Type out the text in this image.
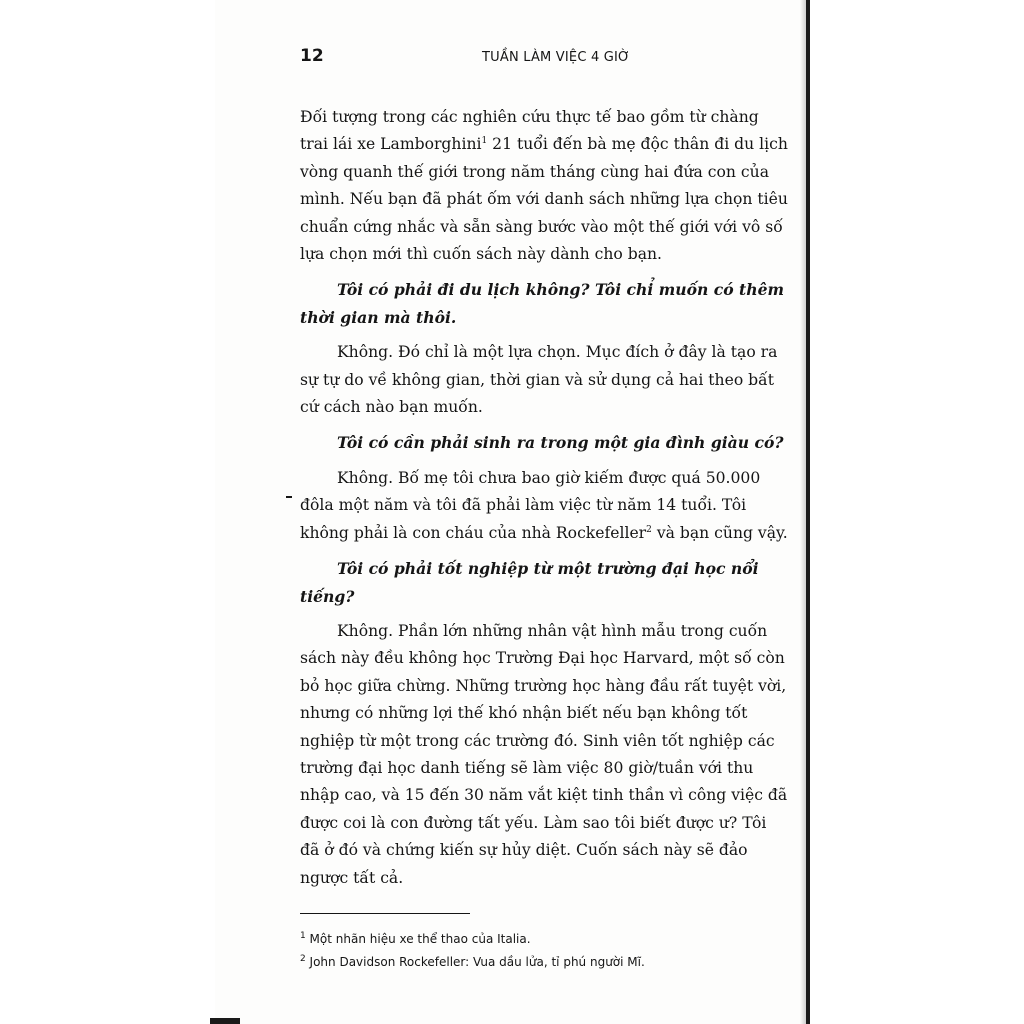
12	TUẦN LÀM VIỆC 4 GIỜ

Đối tượng trong các nghiên cứu thực tế bao gồm từ chàng trai lái xe Lamborghini$^1$ 21 tuổi đến bà mẹ độc thân đi du lịch vòng quanh thế giới trong năm tháng cùng hai đứa con của mình. Nếu bạn đã phát ốm với danh sách những lựa chọn tiêu chuẩn cứng nhắc và sẵn sàng bước vào một thế giới với vô số lựa chọn mới thì cuốn sách này dành cho bạn.

Tôi có phải đi du lịch không? Tôi chỉ muốn có thêm thời gian mà thôi.

Không. Đó chỉ là một lựa chọn. Mục đích ở đây là tạo ra sự tự do về không gian, thời gian và sử dụng cả hai theo bất cứ cách nào bạn muốn.

Tôi có cần phải sinh ra trong một gia đình giàu có?

Không. Bố mẹ tôi chưa bao giờ kiếm được quá 50.000 đôla một năm và tôi đã phải làm việc từ năm 14 tuổi. Tôi không phải là con cháu của nhà Rockefeller$^2$ và bạn cũng vậy.

Tôi có phải tốt nghiệp từ một trường đại học nổi tiếng?

Không. Phần lớn những nhân vật hình mẫu trong cuốn sách này đều không học Trường Đại học Harvard, một số còn bỏ học giữa chừng. Những trường học hàng đầu rất tuyệt vời, nhưng có những lợi thế khó nhận biết nếu bạn không tốt nghiệp từ một trong các trường đó. Sinh viên tốt nghiệp các trường đại học danh tiếng sẽ làm việc 80 giờ/tuần với thu nhập cao, và 15 đến 30 năm vắt kiệt tinh thần vì công việc đã được coi là con đường tất yếu. Làm sao tôi biết được ư? Tôi đã ở đó và chứng kiến sự hủy diệt. Cuốn sách này sẽ đảo ngược tất cả.

$^1$ Một nhãn hiệu xe thể thao của Italia.

$^2$ John Davidson Rockefeller: Vua dầu lửa, tỉ phú người Mĩ.
